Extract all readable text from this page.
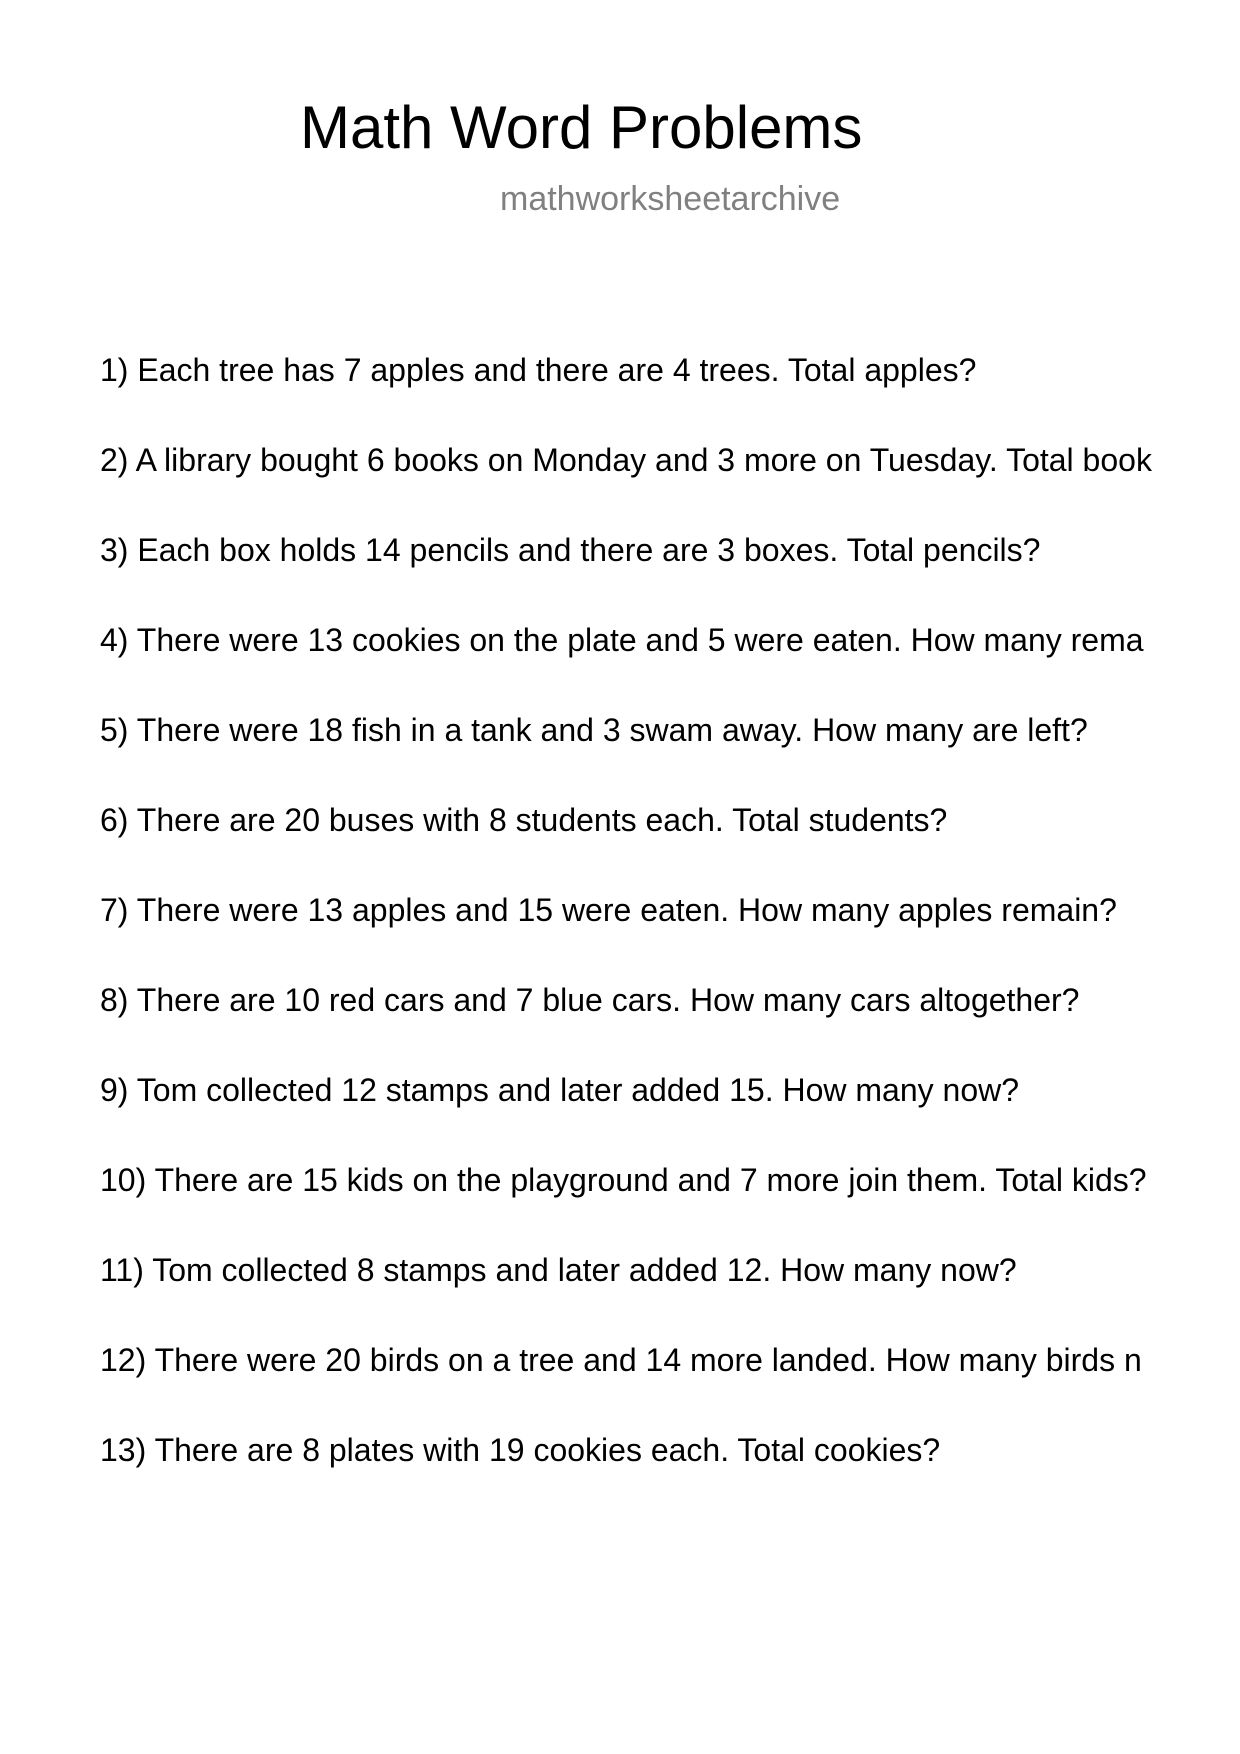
Math Word Problems
mathworksheetarchive
1) Each tree has 7 apples and there are 4 trees. Total apples?
2) A library bought 6 books on Monday and 3 more on Tuesday. Total book
3) Each box holds 14 pencils and there are 3 boxes. Total pencils?
4) There were 13 cookies on the plate and 5 were eaten. How many rema
5) There were 18 fish in a tank and 3 swam away. How many are left?
6) There are 20 buses with 8 students each. Total students?
7) There were 13 apples and 15 were eaten. How many apples remain?
8) There are 10 red cars and 7 blue cars. How many cars altogether?
9) Tom collected 12 stamps and later added 15. How many now?
10) There are 15 kids on the playground and 7 more join them. Total kids?
11) Tom collected 8 stamps and later added 12. How many now?
12) There were 20 birds on a tree and 14 more landed. How many birds n
13) There are 8 plates with 19 cookies each. Total cookies?
